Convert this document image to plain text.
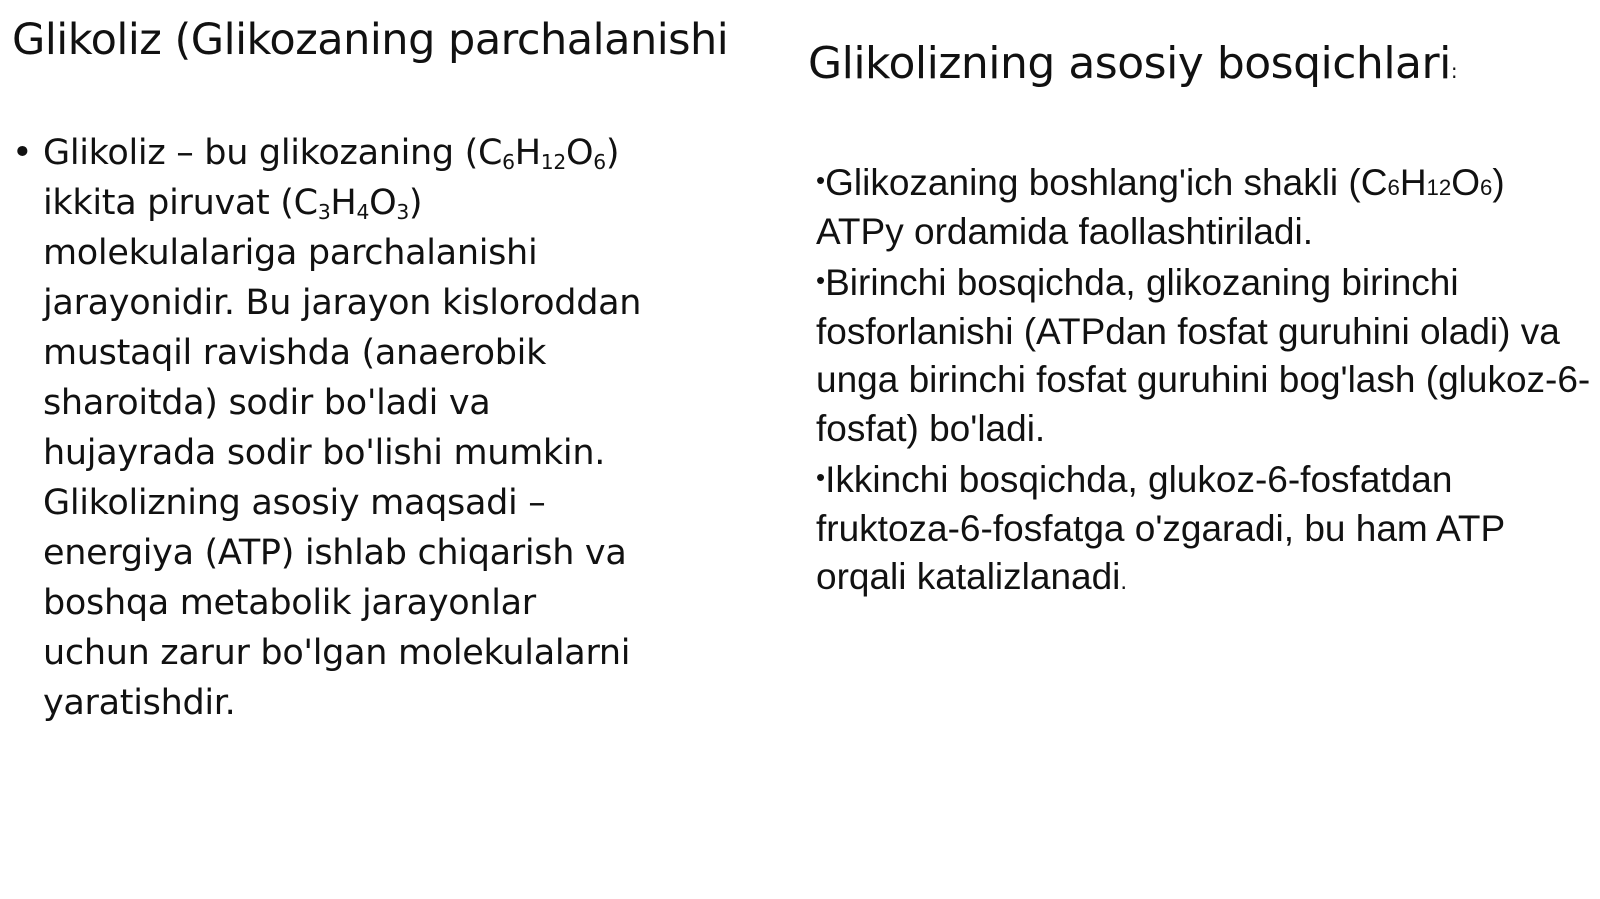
Glikoliz (Glikozaning parchalanishi
• Glikoliz – bu glikozaning $(C_6H_{12}O_6)$ ikkita piruvat $(C_3H_4O_3)$ molekulalariga parchalanishi jarayonidir. Bu jarayon kisloroddan mustaqil ravishda (anaerobik sharoitda) sodir bo'ladi va hujayrada sodir bo'lishi mumkin. Glikolizning asosiy maqsadi – energiya (ATP) ishlab chiqarish va boshqa metabolik jarayonlar uchun zarur bo'lgan molekulalarni yaratishdir.
Glikolizning asosiy bosqichlari:

•Glikozaning boshlang'ich shakli (C6H12O6) ATPy ordamida faollashtiriladi.

•Birinchi bosqichda, glikozaning birinchi fosforlanishi (ATPdan fosfat guruhini oladi) va unga birinchi fosfat guruhini bog'lash (glukoz-6-fosfat) bo'ladi.

•Ikkinchi bosqichda, glukoz-6-fosfatdan fruktoza-6-fosfatga o'zgaradi, bu ham ATP orqali katalizlanadi.
